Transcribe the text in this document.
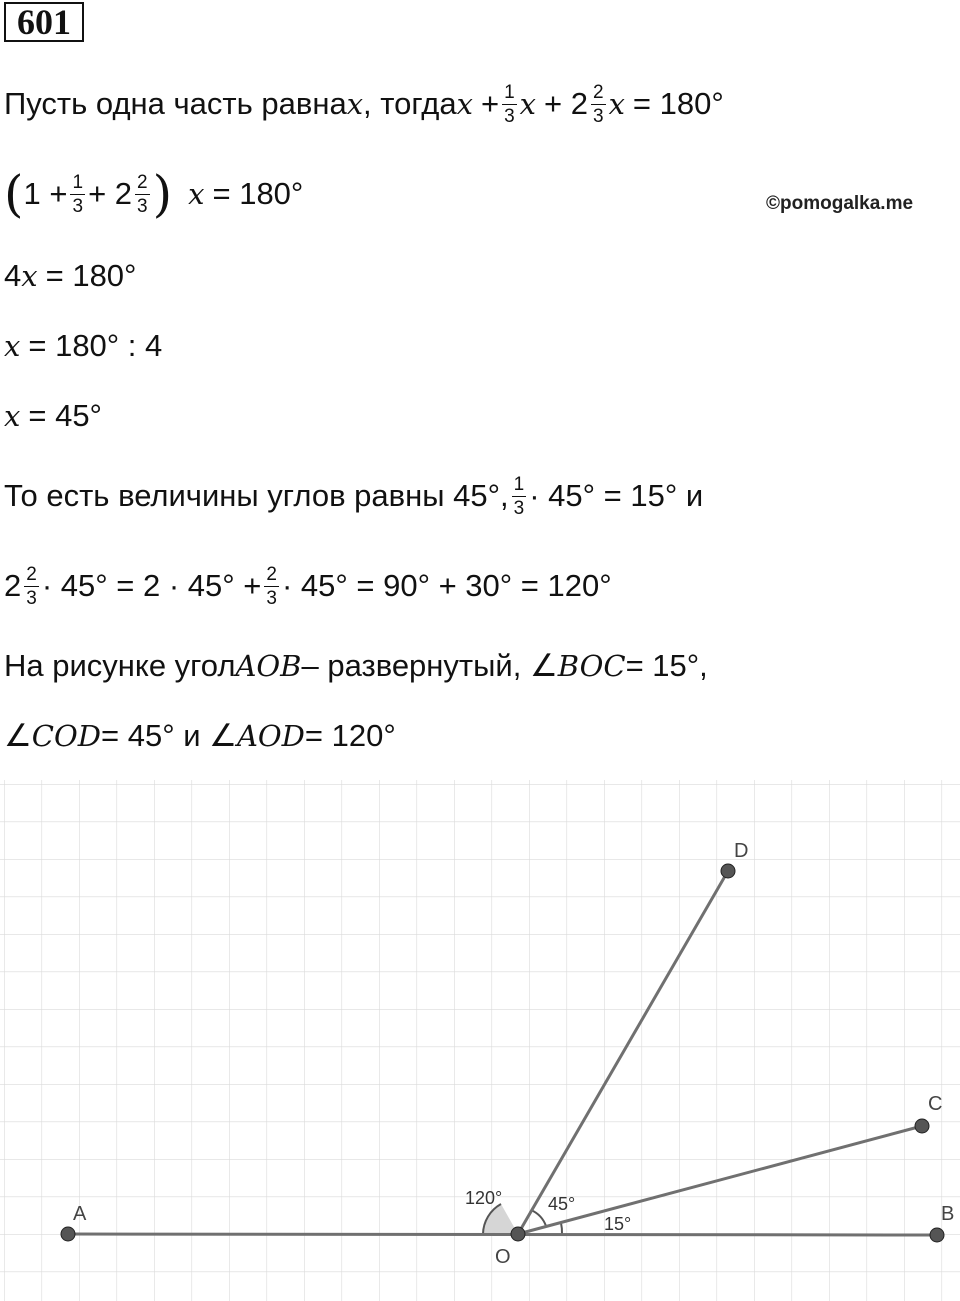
601
Пусть одна часть равна x , тогда $x + \frac{1}{3}$ $x + 2 \frac{2}{3}$ x = 180°
( $1 + \frac{1}{3} + 2 \frac{2}{3}$ ) x = 180°	©pomogalka.me
4 x = 180°
x = 180° : 4
x = 45°
То есть величины углов равны 45°, $\frac{1}{3} \cdot 45^\circ = 15^\circ$ и
$2 \frac{2}{3} \cdot 45^\circ = 2 \cdot 45^\circ + \frac{2}{3} \cdot 45^\circ = 90^\circ + 30^\circ = 120^\circ$
На рисунке угол AOB – развернутый, ∠ BOC = 15°,
∠ COD = 45° и ∠ AOD = 120°
A	B
C
D
O
120°	45°
15°
